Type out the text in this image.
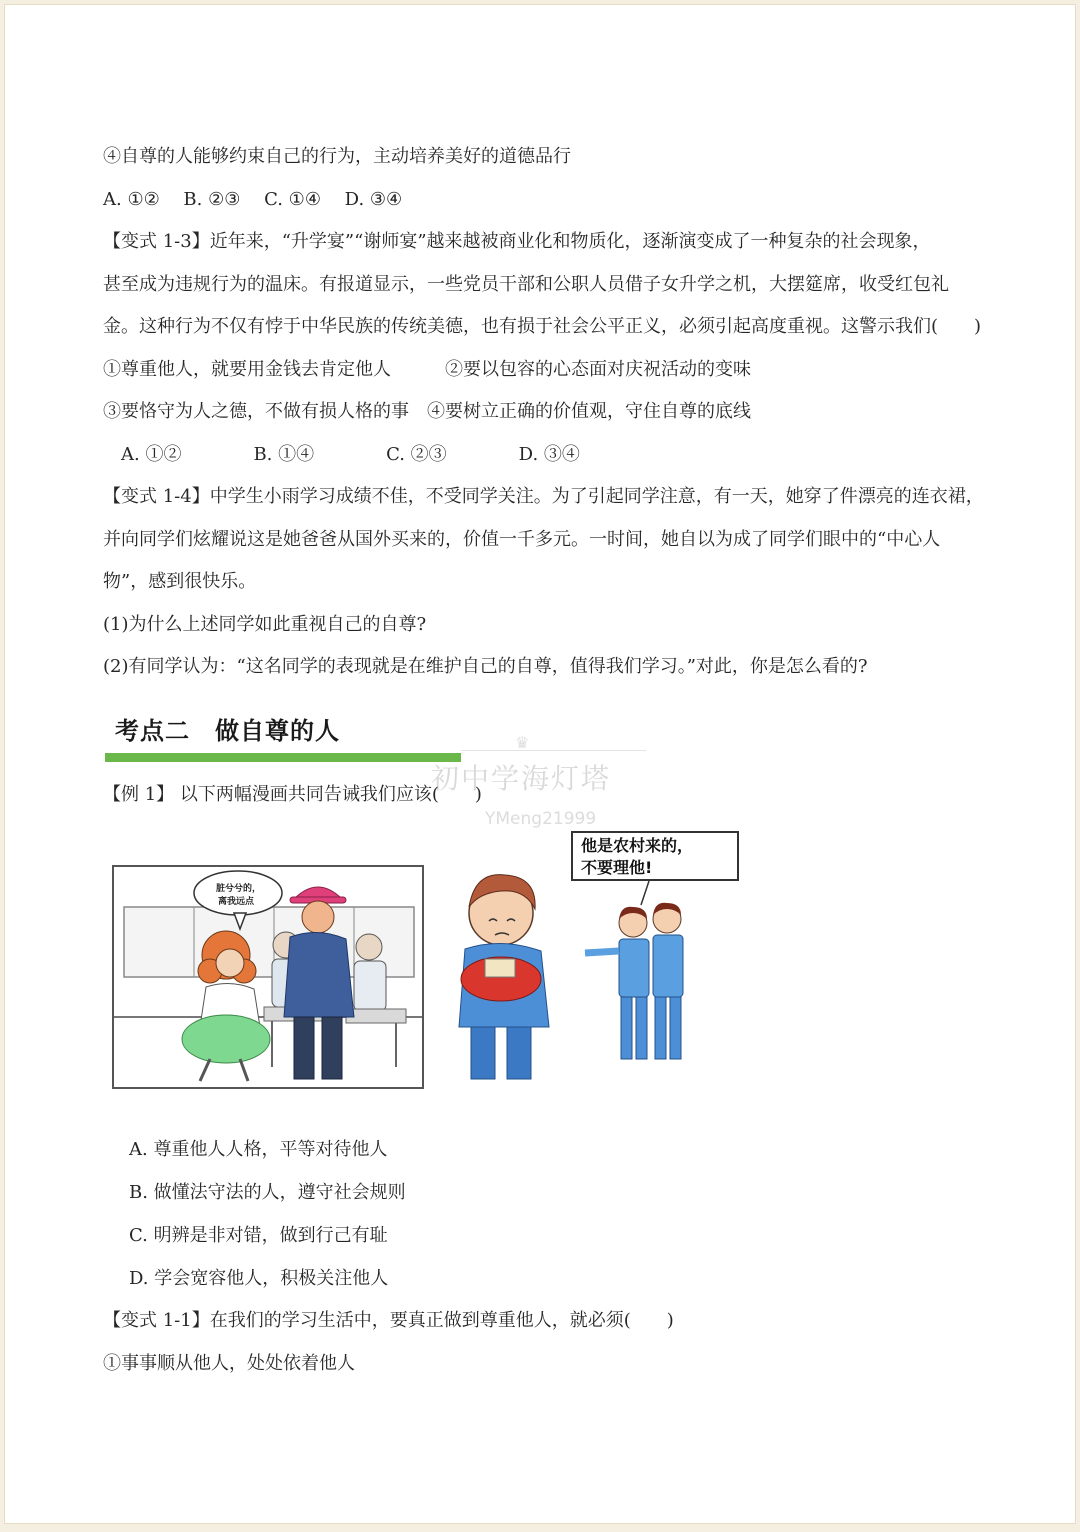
④自尊的人能够约束自己的行为，主动培养美好的道德品行
A. ①②　 B. ②③　 C. ①④　 D. ③④
【变式 1-3】近年来，“升学宴”“谢师宴”越来越被商业化和物质化，逐渐演变成了一种复杂的社会现象，
甚至成为违规行为的温床。有报道显示，一些党员干部和公职人员借子女升学之机，大摆筵席，收受红包礼
金。这种行为不仅有悖于中华民族的传统美德，也有损于社会公平正义，必须引起高度重视。这警示我们(　　)
①尊重他人，就要用金钱去肯定他人　　　②要以包容的心态面对庆祝活动的变味
③要恪守为人之德，不做有损人格的事　④要树立正确的价值观，守住自尊的底线
　A. ①②　　　　B. ①④　　　　C. ②③　　　　D. ③④
【变式 1-4】中学生小雨学习成绩不佳，不受同学关注。为了引起同学注意，有一天，她穿了件漂亮的连衣裙，
并向同学们炫耀说这是她爸爸从国外买来的，价值一千多元。一时间，她自以为成了同学们眼中的“中心人
物”，感到很快乐。
(1)为什么上述同学如此重视自己的自尊?
(2)有同学认为：“这名同学的表现就是在维护自己的自尊，值得我们学习。”对此，你是怎么看的?
考点二　做自尊的人	♛
初中学海灯塔
YMeng21999
【例 1】 以下两幅漫画共同告诫我们应该(　　)
脏兮兮的，
离我远点
他是农村来的，
不要理他!
A. 尊重他人人格，平等对待他人
B. 做懂法守法的人，遵守社会规则
C. 明辨是非对错，做到行己有耻
D. 学会宽容他人，积极关注他人
【变式 1-1】在我们的学习生活中，要真正做到尊重他人，就必须(　　)
①事事顺从他人，处处依着他人
